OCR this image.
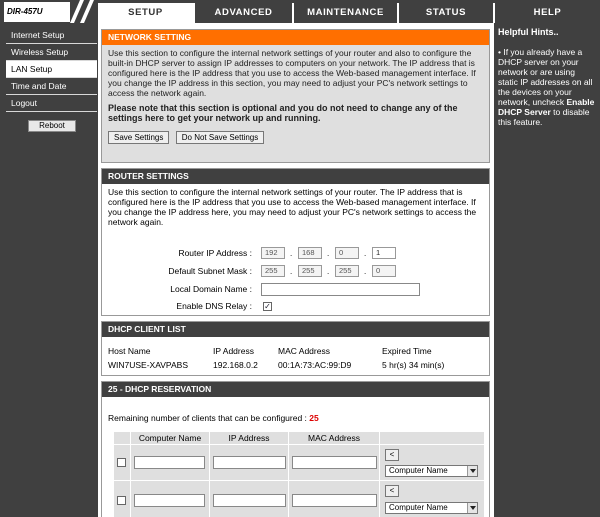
DIR-457U	SETUP	ADVANCED	MAINTENANCE	STATUS	HELP
Internet Setup
Wireless Setup
LAN Setup
Time and Date
Logout
Reboot
NETWORK SETTING
Use this section to configure the internal network settings of your router and also to configure the built-in DHCP server to assign IP addresses to computers on your network. The IP address that is configured here is the IP address that you use to access the Web-based management interface. If you change the IP address in this section, you may need to adjust your PC's network settings to access the network again.
Please note that this section is optional and you do not need to change any of the settings here to get your network up and running.
Save Settings Do Not Save Settings
ROUTER SETTINGS
Use this section to configure the internal network settings of your router. The IP address that is configured here is the IP address that you use to access the Web-based management interface. If you change the IP address here, you may need to adjust your PC's network settings to access the network again.
Router IP Address :	192	.	168	.	0	.	1
Default Subnet Mask :	255	.	255	.	255	.	0
Local Domain Name :
Enable DNS Relay : ✓
DHCP CLIENT LIST
Host Name	IP Address	MAC Address	Expired Time
WIN7USE-XAVPABS	192.168.0.2 00:1A:73:AC:99:D9	5 hr(s) 34 min(s)
25 - DHCP RESERVATION
Remaining number of clients that can be configured : 25
Computer Name	IP Address	MAC Address
<
Computer Name
<
Computer Name
Helpful Hints..
• If you already have a DHCP server on your network or are using static IP addresses on all the devices on your network, uncheck Enable DHCP Server to disable this feature.
